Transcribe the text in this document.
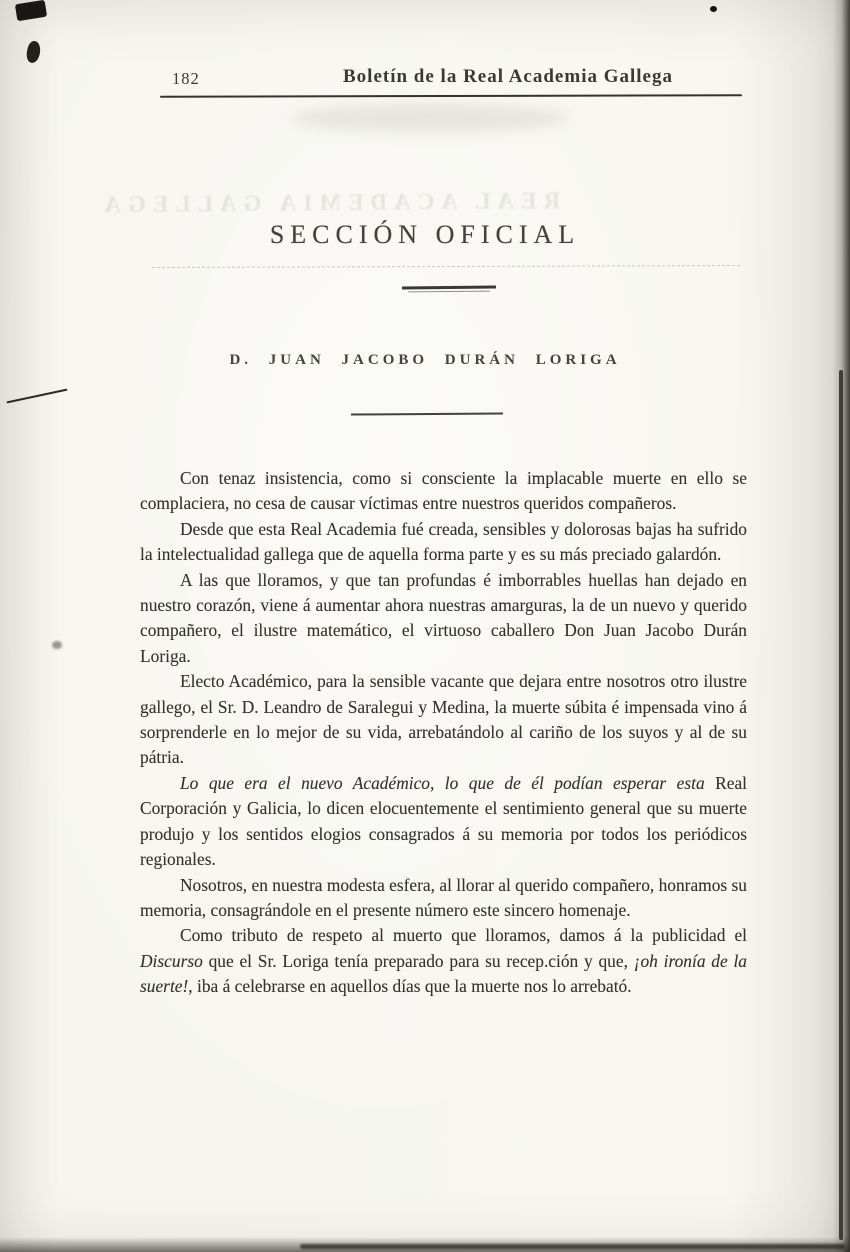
REAL ACADEMIA GALLEGA
182	Boletín de la Real Academia Gallega
SECCIÓN OFICIAL
D. JUAN JACOBO DURÁN LORIGA

Con tenaz insistencia, como si consciente la implacable muerte en ello se complaciera, no cesa de causar víctimas entre nuestros queridos compañeros.

Desde que esta Real Academia fué creada, sensibles y dolorosas bajas ha sufrido la intelectualidad gallega que de aquella forma parte y es su más preciado galardón.

A las que lloramos, y que tan profundas é imborrables huellas han dejado en nuestro corazón, viene á aumentar ahora nuestras amarguras, la de un nuevo y querido compañero, el ilustre matemático, el virtuoso caballero Don Juan Jacobo Durán Loriga.

Electo Académico, para la sensible vacante que dejara entre nosotros otro ilustre gallego, el Sr. D. Leandro de Saralegui y Medina, la muerte súbita é impensada vino á sorprenderle en lo mejor de su vida, arrebatándolo al cariño de los suyos y al de su pátria.

Lo que era el nuevo Académico, lo que de él podían esperar esta Real Corporación y Galicia, lo dicen elocuentemente el sentimiento general que su muerte produjo y los sentidos elogios consagrados á su memoria por todos los periódicos regionales.

Nosotros, en nuestra modesta esfera, al llorar al querido compañero, honramos su memoria, consagrándole en el presente número este sincero homenaje.

Como tributo de respeto al muerto que lloramos, damos á la publicidad el Discurso que el Sr. Loriga tenía preparado para su recep.ción y que, ¡oh ironía de la suerte!, iba á celebrarse en aquellos días que la muerte nos lo arrebató.
